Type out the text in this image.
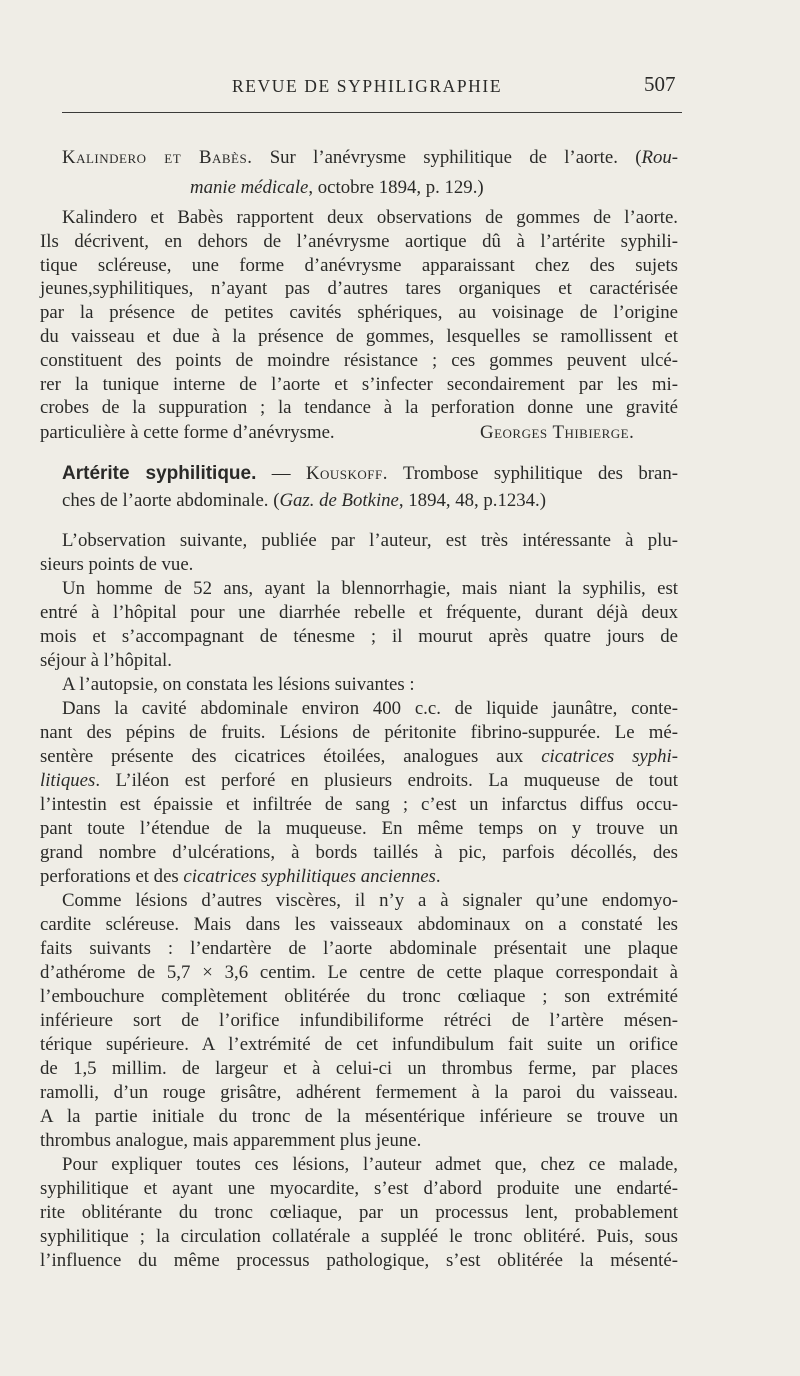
REVUE DE SYPHILIGRAPHIE	507
Kalindero et Babès. Sur l’anévrysme syphilitique de l’aorte. (Rou-
manie médicale, octobre 1894, p. 129.)
Kalindero et Babès rapportent deux observations de gommes de l’aorte.
Ils décrivent, en dehors de l’anévrysme aortique dû à l’artérite syphili-
tique scléreuse, une forme d’anévrysme apparaissant chez des sujets
jeunes,syphilitiques, n’ayant pas d’autres tares organiques et caractérisée
par la présence de petites cavités sphériques, au voisinage de l’origine
du vaisseau et due à la présence de gommes, lesquelles se ramollissent et
constituent des points de moindre résistance ; ces gommes peuvent ulcé-
rer la tunique interne de l’aorte et s’infecter secondairement par les mi-
crobes de la suppuration ; la tendance à la perforation donne une gravité
particulière à cette forme d’anévrysme.	Georges Thibierge.
Artérite syphilitique. — Kouskoff. Trombose syphilitique des bran-
ches de l’aorte abdominale. (Gaz. de Botkine, 1894, 48, p.1234.)
L’observation suivante, publiée par l’auteur, est très intéressante à plu-
sieurs points de vue.
Un homme de 52 ans, ayant la blennorrhagie, mais niant la syphilis, est
entré à l’hôpital pour une diarrhée rebelle et fréquente, durant déjà deux
mois et s’accompagnant de ténesme ; il mourut après quatre jours de
séjour à l’hôpital.
A l’autopsie, on constata les lésions suivantes :
Dans la cavité abdominale environ 400 c.c. de liquide jaunâtre, conte-
nant des pépins de fruits. Lésions de péritonite fibrino-suppurée. Le mé-
sentère présente des cicatrices étoilées, analogues aux cicatrices syphi-
litiques. L’iléon est perforé en plusieurs endroits. La muqueuse de tout
l’intestin est épaissie et infiltrée de sang ; c’est un infarctus diffus occu-
pant toute l’étendue de la muqueuse. En même temps on y trouve un
grand nombre d’ulcérations, à bords taillés à pic, parfois décollés, des
perforations et des cicatrices syphilitiques anciennes.
Comme lésions d’autres viscères, il n’y a à signaler qu’une endomyo-
cardite scléreuse. Mais dans les vaisseaux abdominaux on a constaté les
faits suivants : l’endartère de l’aorte abdominale présentait une plaque
d’athérome de 5,7 × 3,6 centim. Le centre de cette plaque correspondait à
l’embouchure complètement oblitérée du tronc cœliaque ; son extrémité
inférieure sort de l’orifice infundibiliforme rétréci de l’artère mésen-
térique supérieure. A l’extrémité de cet infundibulum fait suite un orifice
de 1,5 millim. de largeur et à celui-ci un thrombus ferme, par places
ramolli, d’un rouge grisâtre, adhérent fermement à la paroi du vaisseau.
A la partie initiale du tronc de la mésentérique inférieure se trouve un
thrombus analogue, mais apparemment plus jeune.
Pour expliquer toutes ces lésions, l’auteur admet que, chez ce malade,
syphilitique et ayant une myocardite, s’est d’abord produite une endarté-
rite oblitérante du tronc cœliaque, par un processus lent, probablement
syphilitique ; la circulation collatérale a suppléé le tronc oblitéré. Puis, sous
l’influence du même processus pathologique, s’est oblitérée la mésenté-
